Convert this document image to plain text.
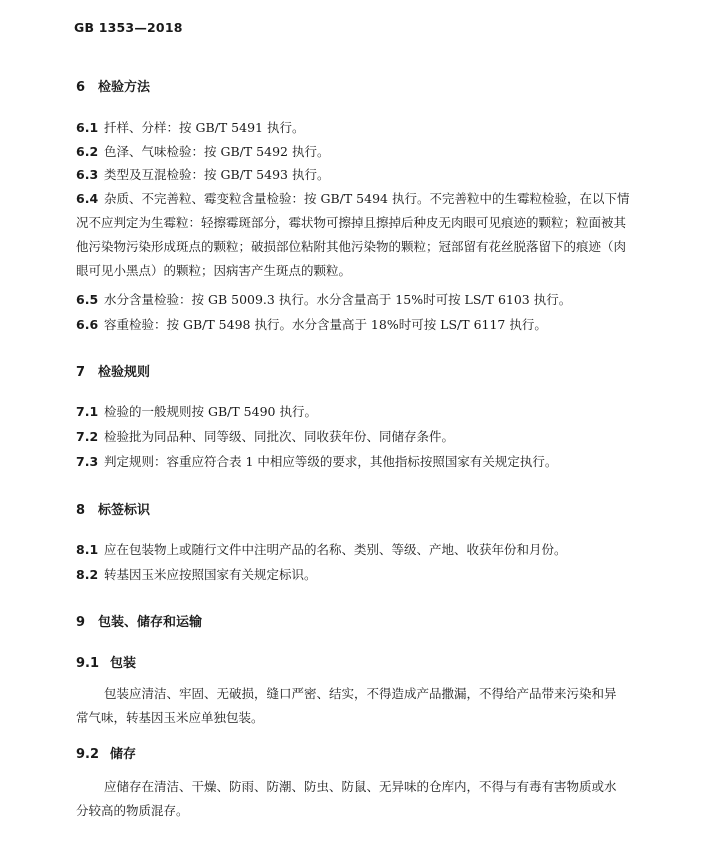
GB 1353—2018
6 检验方法
6.1 扦样、分样：按 GB/T 5491 执行。
6.2 色泽、气味检验：按 GB/T 5492 执行。
6.3 类型及互混检验：按 GB/T 5493 执行。
6.4 杂质、不完善粒、霉变粒含量检验：按 GB/T 5494 执行。不完善粒中的生霉粒检验，在以下情况不应判定为生霉粒：轻擦霉斑部分，霉状物可擦掉且擦掉后种皮无肉眼可见痕迹的颗粒；粒面被其他污染物污染形成斑点的颗粒；破损部位粘附其他污染物的颗粒；冠部留有花丝脱落留下的痕迹（肉眼可见小黑点）的颗粒；因病害产生斑点的颗粒。
6.5 水分含量检验：按 GB 5009.3 执行。水分含量高于 15%时可按 LS/T 6103 执行。
6.6 容重检验：按 GB/T 5498 执行。水分含量高于 18%时可按 LS/T 6117 执行。
7 检验规则
7.1 检验的一般规则按 GB/T 5490 执行。
7.2 检验批为同品种、同等级、同批次、同收获年份、同储存条件。
7.3 判定规则：容重应符合表 1 中相应等级的要求，其他指标按照国家有关规定执行。
8 标签标识
8.1 应在包装物上或随行文件中注明产品的名称、类别、等级、产地、收获年份和月份。
8.2 转基因玉米应按照国家有关规定标识。
9 包装、储存和运输
9.1 包装
包装应清洁、牢固、无破损，缝口严密、结实，不得造成产品撒漏，不得给产品带来污染和异常气味，转基因玉米应单独包装。
9.2 储存
应储存在清洁、干燥、防雨、防潮、防虫、防鼠、无异味的仓库内，不得与有毒有害物质或水分较高的物质混存。
